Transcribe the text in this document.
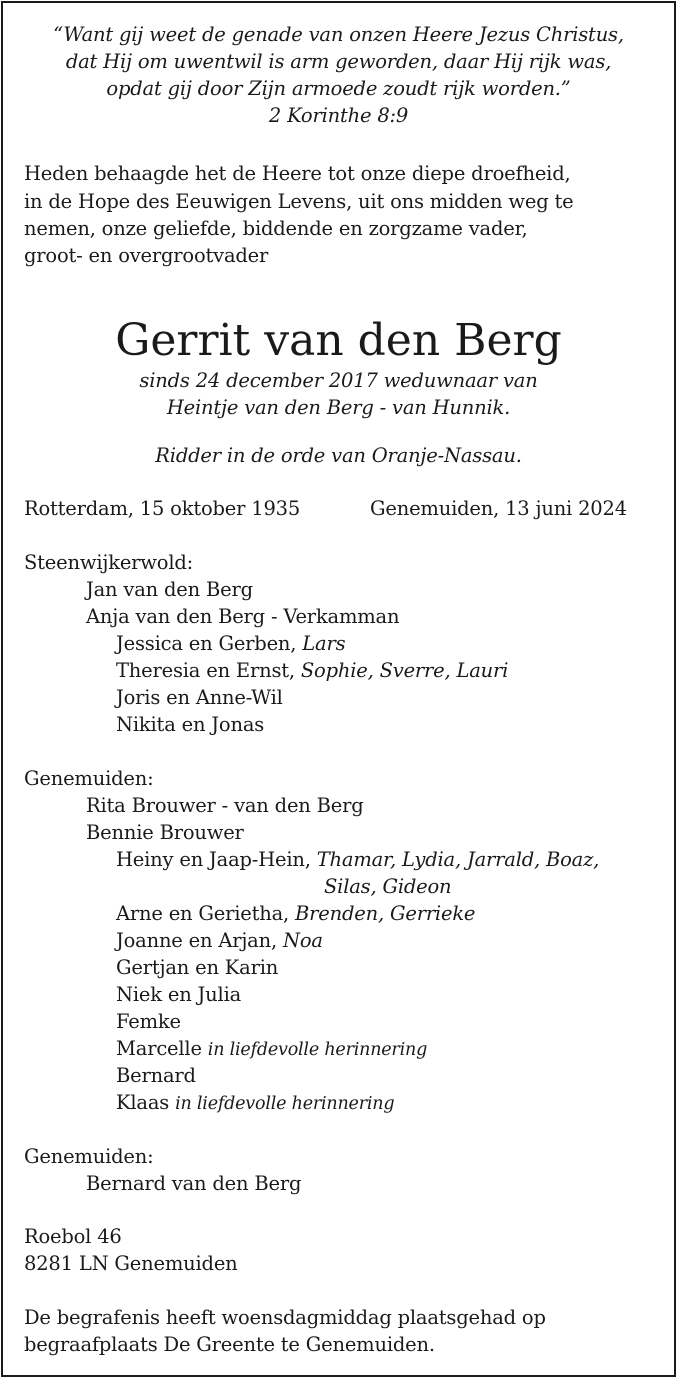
“Want gij weet de genade van onzen Heere Jezus Christus,
dat Hij om uwentwil is arm geworden, daar Hij rijk was,
opdat gij door Zijn armoede zoudt rijk worden.”
2 Korinthe 8:9
Heden behaagde het de Heere tot onze diepe droefheid,
in de Hope des Eeuwigen Levens, uit ons midden weg te
nemen, onze geliefde, biddende en zorgzame vader,
groot- en overgrootvader
Gerrit van den Berg
sinds 24 december 2017 weduwnaar van
Heintje van den Berg - van Hunnik.
Ridder in de orde van Oranje-Nassau.
Rotterdam, 15 oktober 1935	Genemuiden, 13 juni 2024
Steenwijkerwold:
Jan van den Berg
Anja van den Berg - Verkamman
Jessica en Gerben, Lars
Theresia en Ernst, Sophie, Sverre, Lauri
Joris en Anne-Wil
Nikita en Jonas
Genemuiden:
Rita Brouwer - van den Berg
Bennie Brouwer
Heiny en Jaap-Hein, Thamar, Lydia, Jarrald, Boaz,
Silas, Gideon
Arne en Gerietha, Brenden, Gerrieke
Joanne en Arjan, Noa
Gertjan en Karin
Niek en Julia
Femke
Marcelle in liefdevolle herinnering
Bernard
Klaas in liefdevolle herinnering
Genemuiden:
Bernard van den Berg
Roebol 46
8281 LN Genemuiden
De begrafenis heeft woensdagmiddag plaatsgehad op
begraafplaats De Greente te Genemuiden.
